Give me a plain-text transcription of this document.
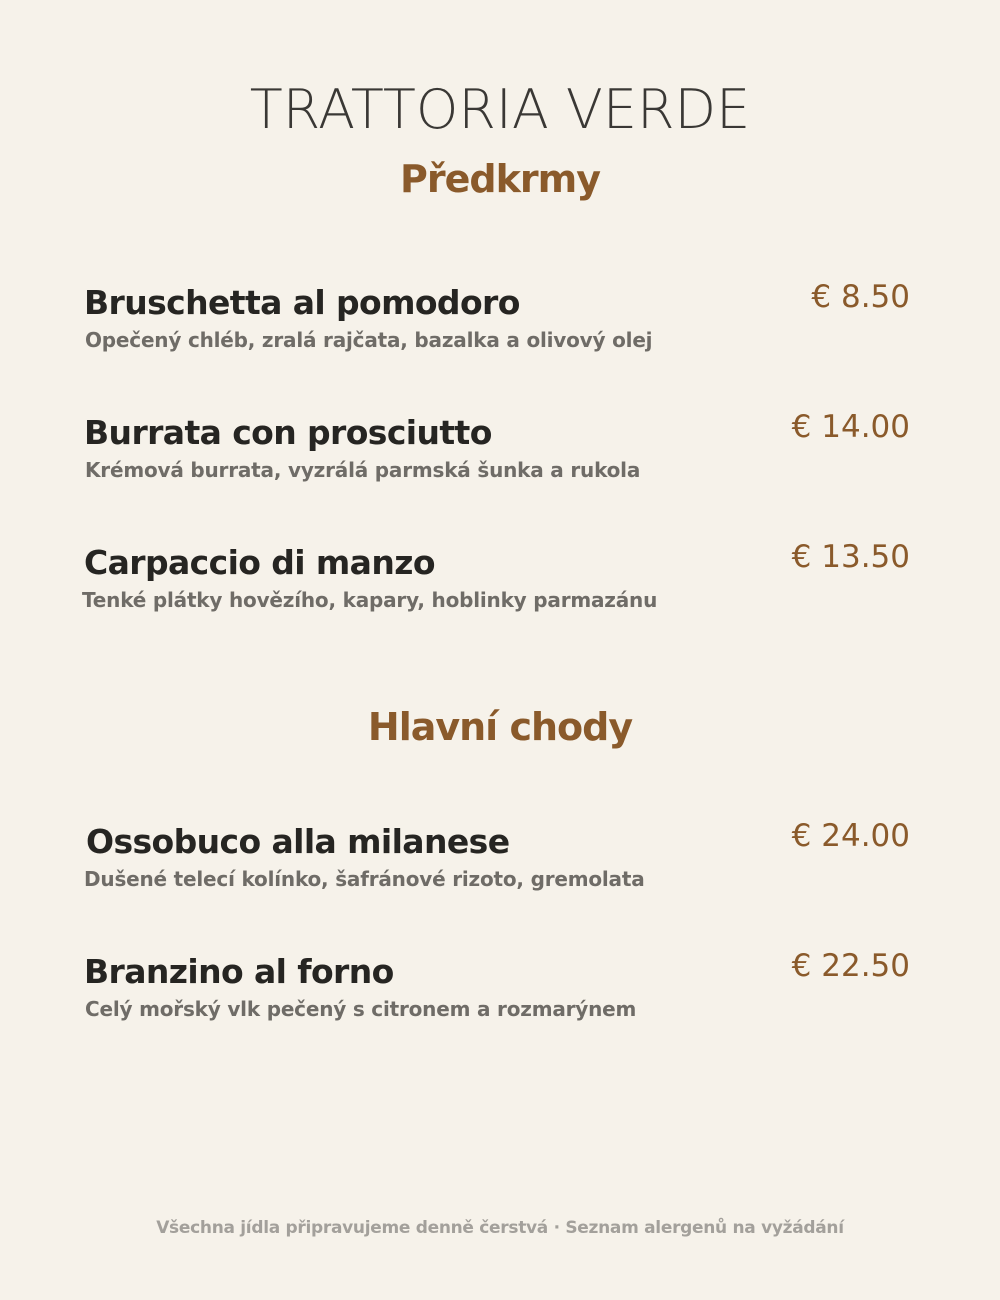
TRATTORIA VERDE
Předkrmy
Bruschetta al pomodoro
Opečený chléb, zralá rajčata, bazalka a olivový olej
€ 8.50
Burrata con prosciutto
Krémová burrata, vyzrálá parmská šunka a rukola
€ 14.00
Carpaccio di manzo
Tenké plátky hovězího, kapary, hoblinky parmazánu
€ 13.50
Hlavní chody
Ossobuco alla milanese
Dušené telecí kolínko, šafránové rizoto, gremolata
€ 24.00
Branzino al forno
Celý mořský vlk pečený s citronem a rozmarýnem
€ 22.50
Všechna jídla připravujeme denně čerstvá · Seznam alergenů na vyžádání
